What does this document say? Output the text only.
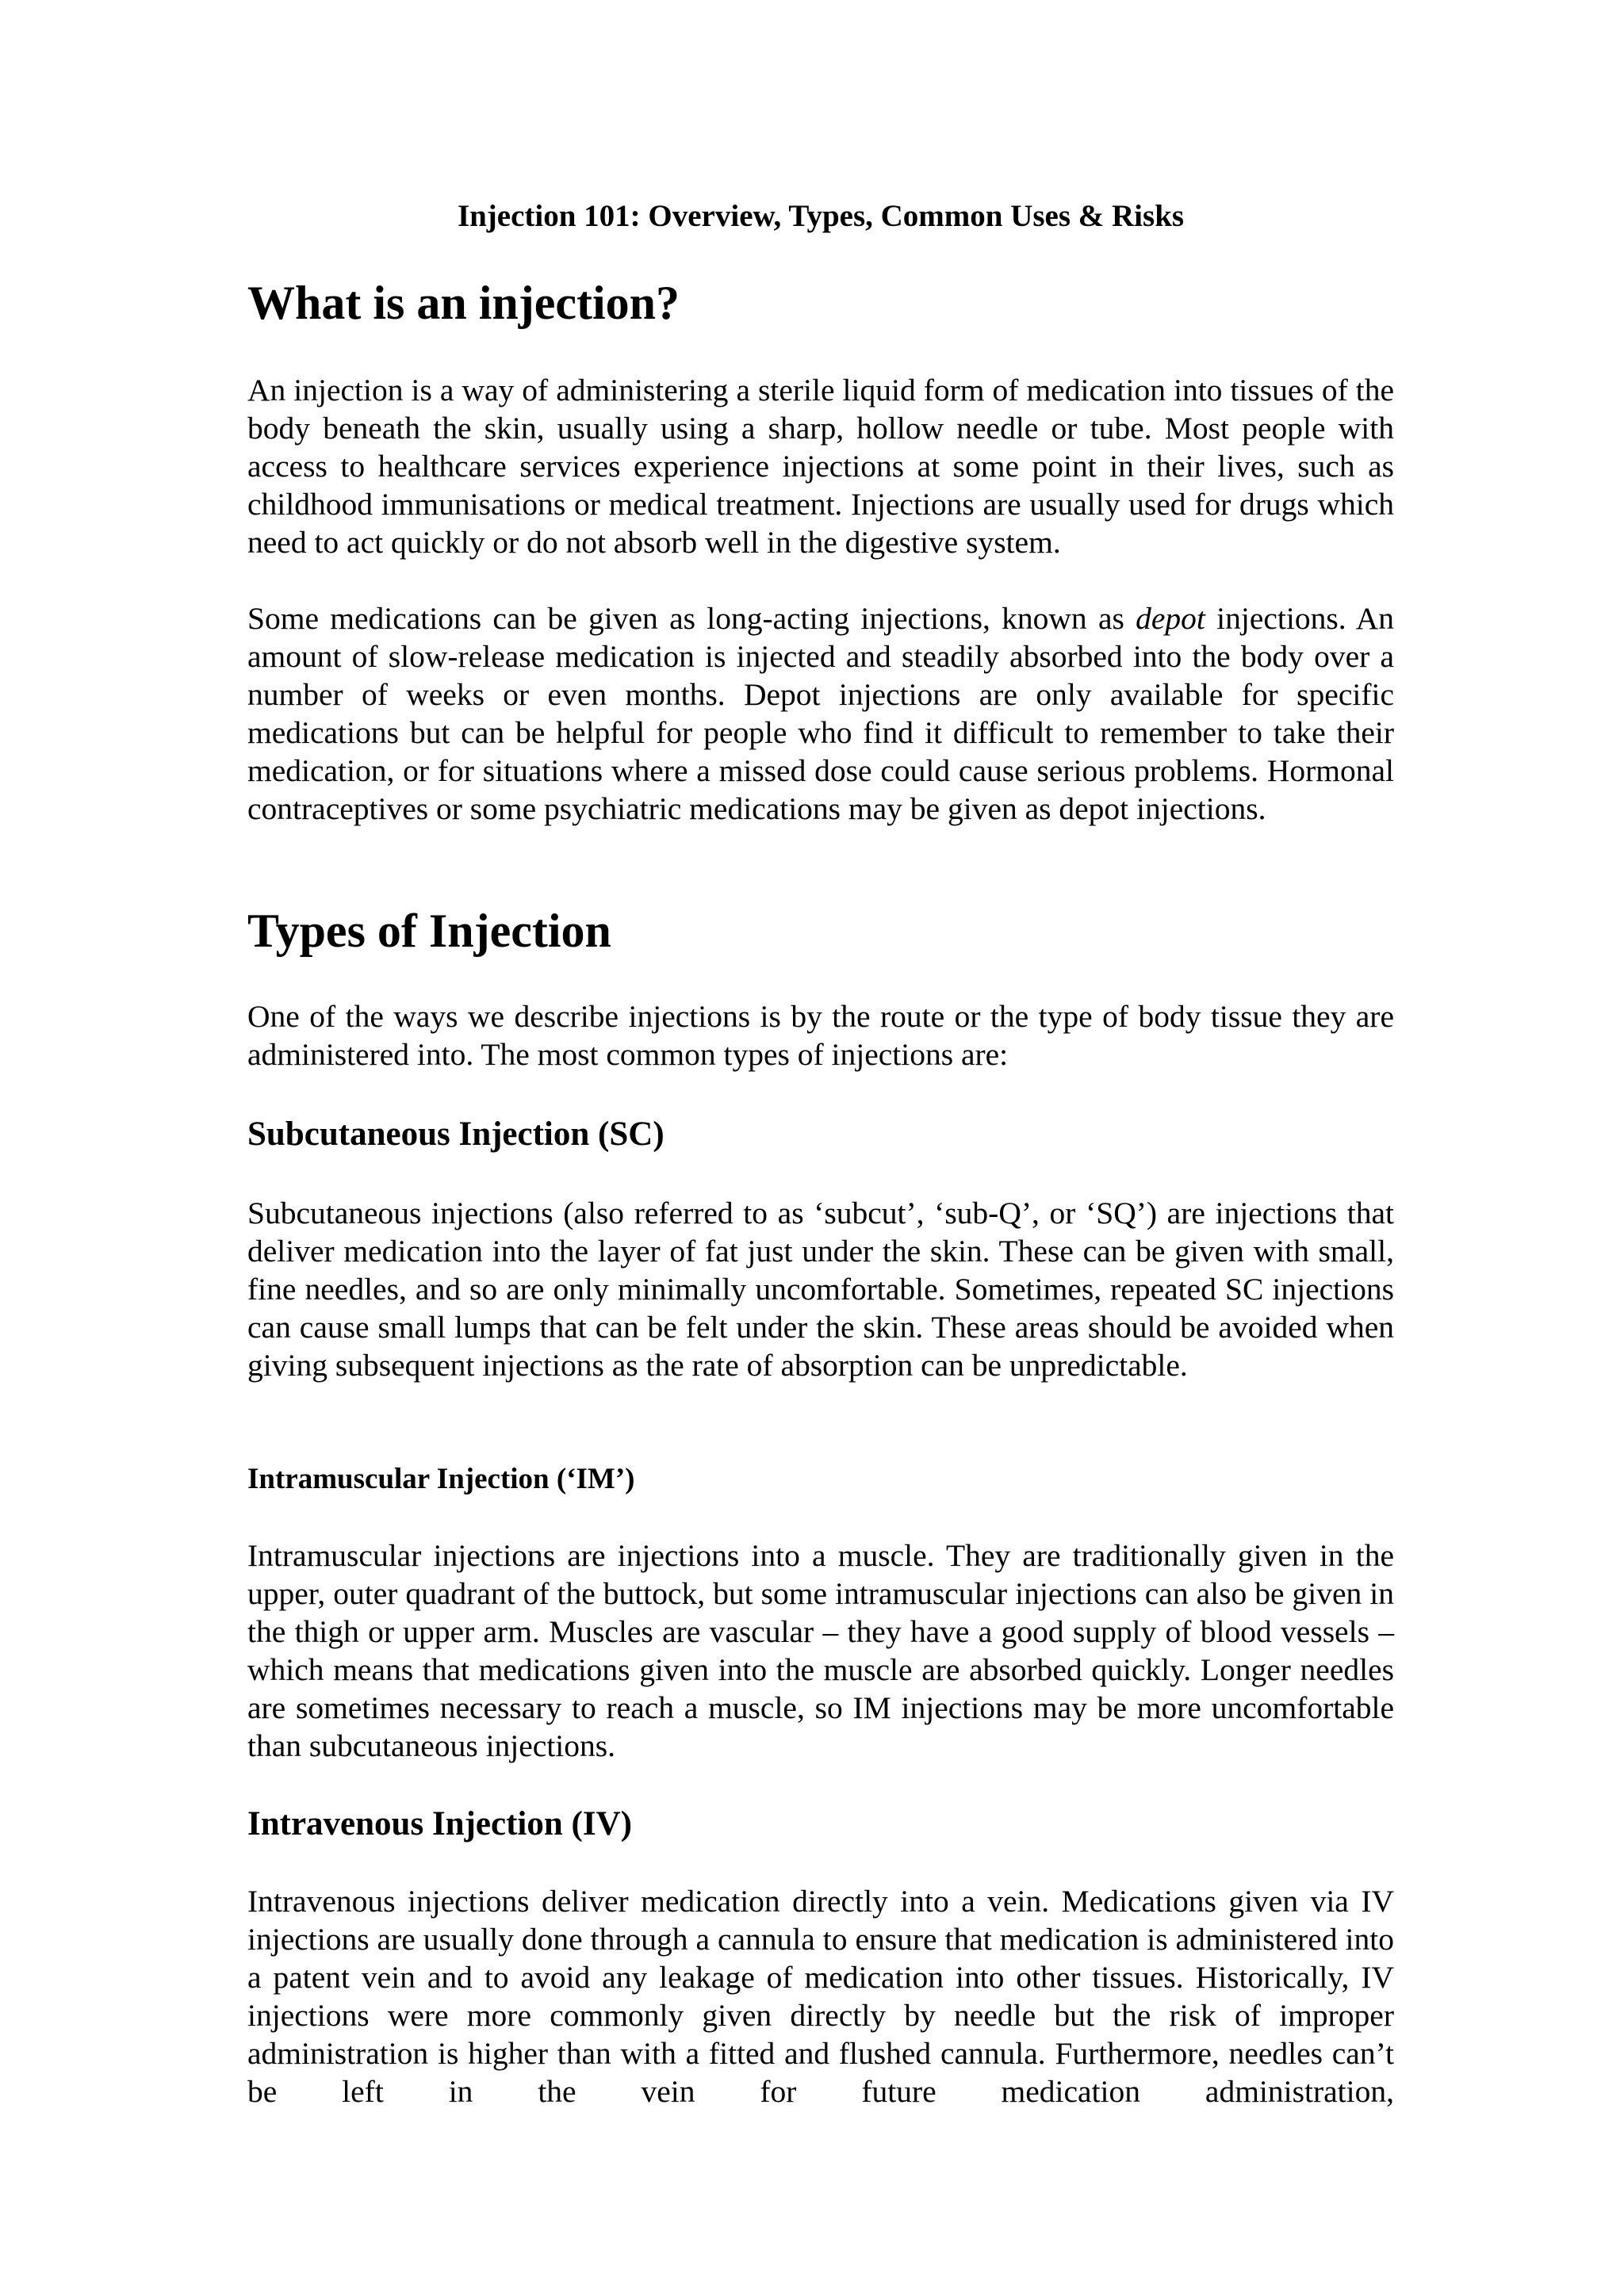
Injection 101: Overview, Types, Common Uses & Risks
What is an injection?

An injection is a way of administering a sterile liquid form of medication into tissues of the body beneath the skin, usually using a sharp, hollow needle or tube. Most people with access to healthcare services experience injections at some point in their lives, such as childhood immunisations or medical treatment. Injections are usually used for drugs which need to act quickly or do not absorb well in the digestive system.

Some medications can be given as long-acting injections, known as depot injections. An amount of slow-release medication is injected and steadily absorbed into the body over a number of weeks or even months. Depot injections are only available for specific medications but can be helpful for people who find it difficult to remember to take their medication, or for situations where a missed dose could cause serious problems. Hormonal contraceptives or some psychiatric medications may be given as depot injections.

Types of Injection

One of the ways we describe injections is by the route or the type of body tissue they are administered into. The most common types of injections are:

Subcutaneous Injection (SC)

Subcutaneous injections (also referred to as ‘subcut’, ‘sub-Q’, or ‘SQ’) are injections that deliver medication into the layer of fat just under the skin. These can be given with small, fine needles, and so are only minimally uncomfortable. Sometimes, repeated SC injections can cause small lumps that can be felt under the skin. These areas should be avoided when giving subsequent injections as the rate of absorption can be unpredictable.

Intramuscular Injection (‘IM’)

Intramuscular injections are injections into a muscle. They are traditionally given in the upper, outer quadrant of the buttock, but some intramuscular injections can also be given in the thigh or upper arm. Muscles are vascular – they have a good supply of blood vessels – which means that medications given into the muscle are absorbed quickly. Longer needles are sometimes necessary to reach a muscle, so IM injections may be more uncomfortable than subcutaneous injections.

Intravenous Injection (IV)

Intravenous injections deliver medication directly into a vein. Medications given via IV injections are usually done through a cannula to ensure that medication is administered into a patent vein and to avoid any leakage of medication into other tissues. Historically, IV injections were more commonly given directly by needle but the risk of improper administration is higher than with a fitted and flushed cannula. Furthermore, needles can’t be left in the vein for future medication administration,
